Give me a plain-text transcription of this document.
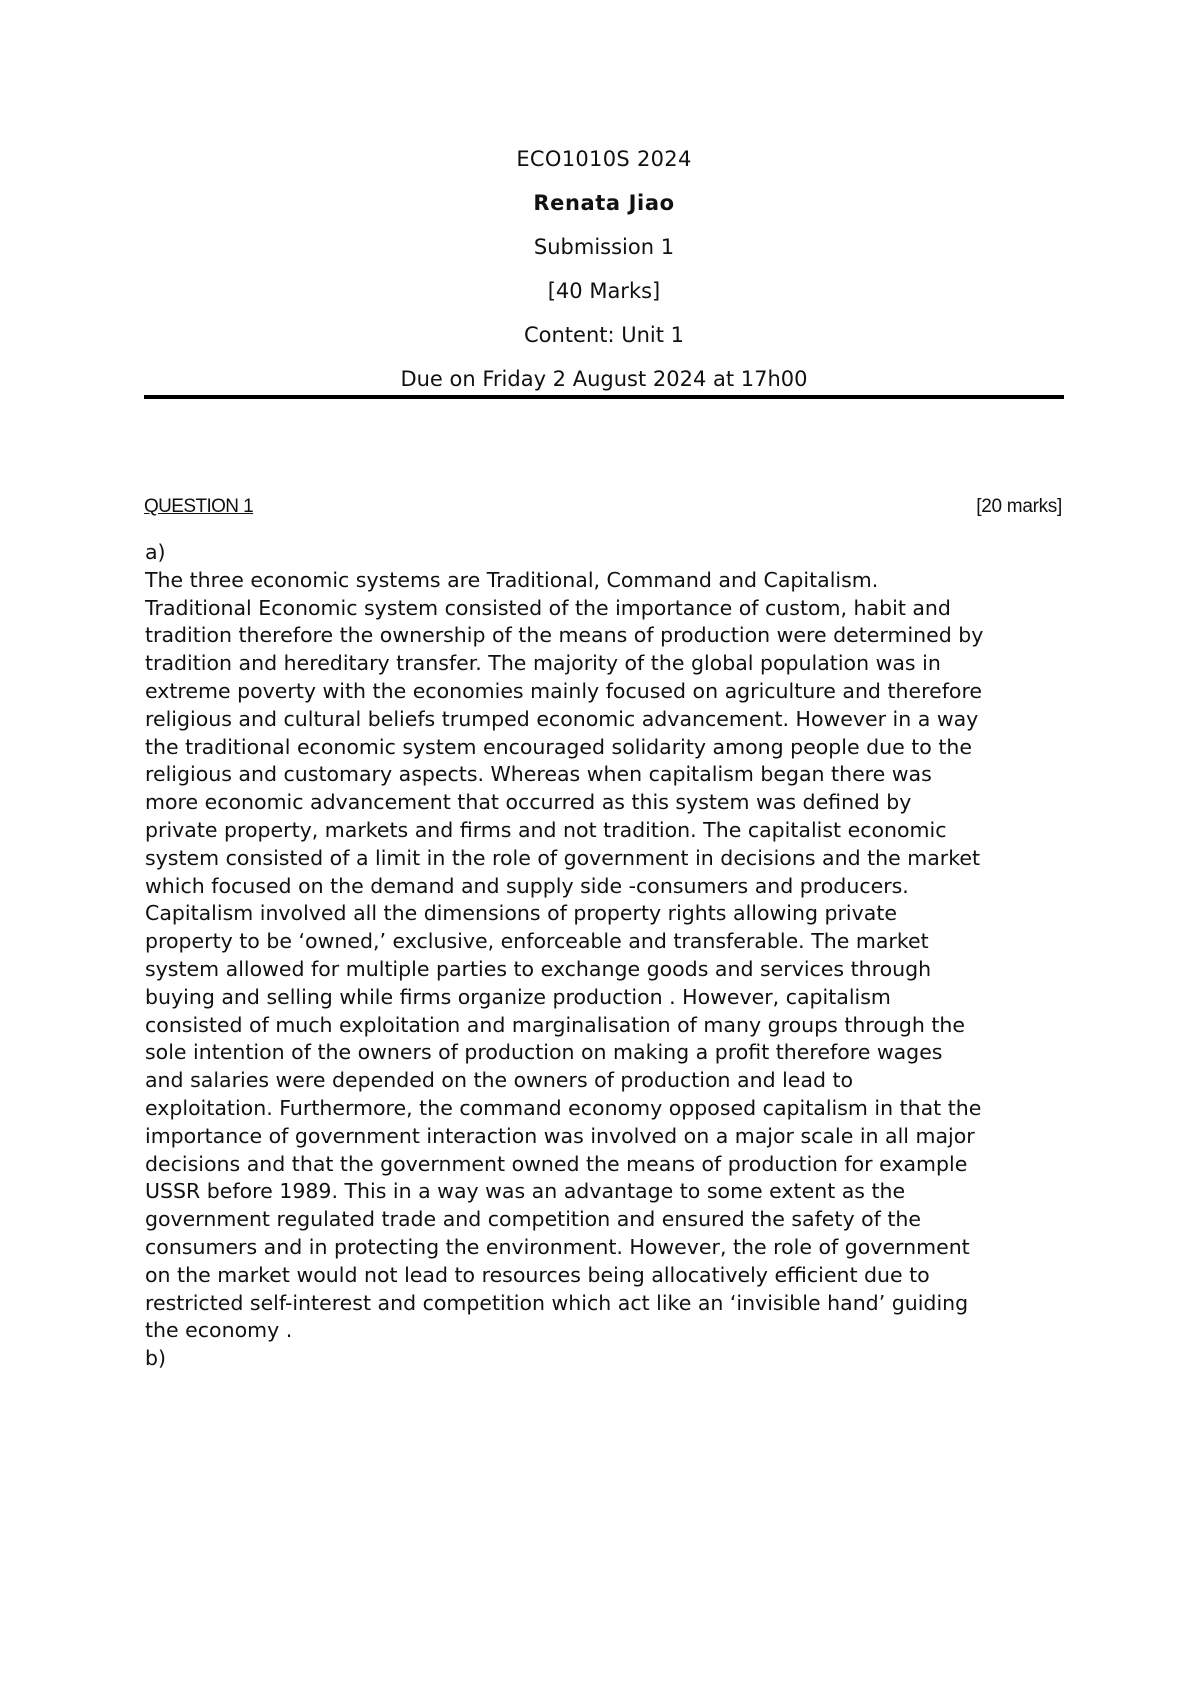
ECO1010S 2024
Renata Jiao
Submission 1
[40 Marks]
Content: Unit 1
Due on Friday 2 August 2024 at 17h00
QUESTION 1	[20 marks]
a)
The three economic systems are Traditional, Command and Capitalism.
Traditional Economic system consisted of the importance of custom, habit and
tradition therefore the ownership of the means of production were determined by
tradition and hereditary transfer. The majority of the global population was in
extreme poverty with the economies mainly focused on agriculture and therefore
religious and cultural beliefs trumped economic advancement. However in a way
the traditional economic system encouraged solidarity among people due to the
religious and customary aspects. Whereas when capitalism began there was
more economic advancement that occurred as this system was defined by
private property, markets and firms and not tradition. The capitalist economic
system consisted of a limit in the role of government in decisions and the market
which focused on the demand and supply side -consumers and producers.
Capitalism involved all the dimensions of property rights allowing private
property to be ‘owned,’ exclusive, enforceable and transferable. The market
system allowed for multiple parties to exchange goods and services through
buying and selling while firms organize production . However, capitalism
consisted of much exploitation and marginalisation of many groups through the
sole intention of the owners of production on making a profit therefore wages
and salaries were depended on the owners of production and lead to
exploitation. Furthermore, the command economy opposed capitalism in that the
importance of government interaction was involved on a major scale in all major
decisions and that the government owned the means of production for example
USSR before 1989. This in a way was an advantage to some extent as the
government regulated trade and competition and ensured the safety of the
consumers and in protecting the environment. However, the role of government
on the market would not lead to resources being allocatively efficient due to
restricted self-interest and competition which act like an ‘invisible hand’ guiding
the economy .
b)
